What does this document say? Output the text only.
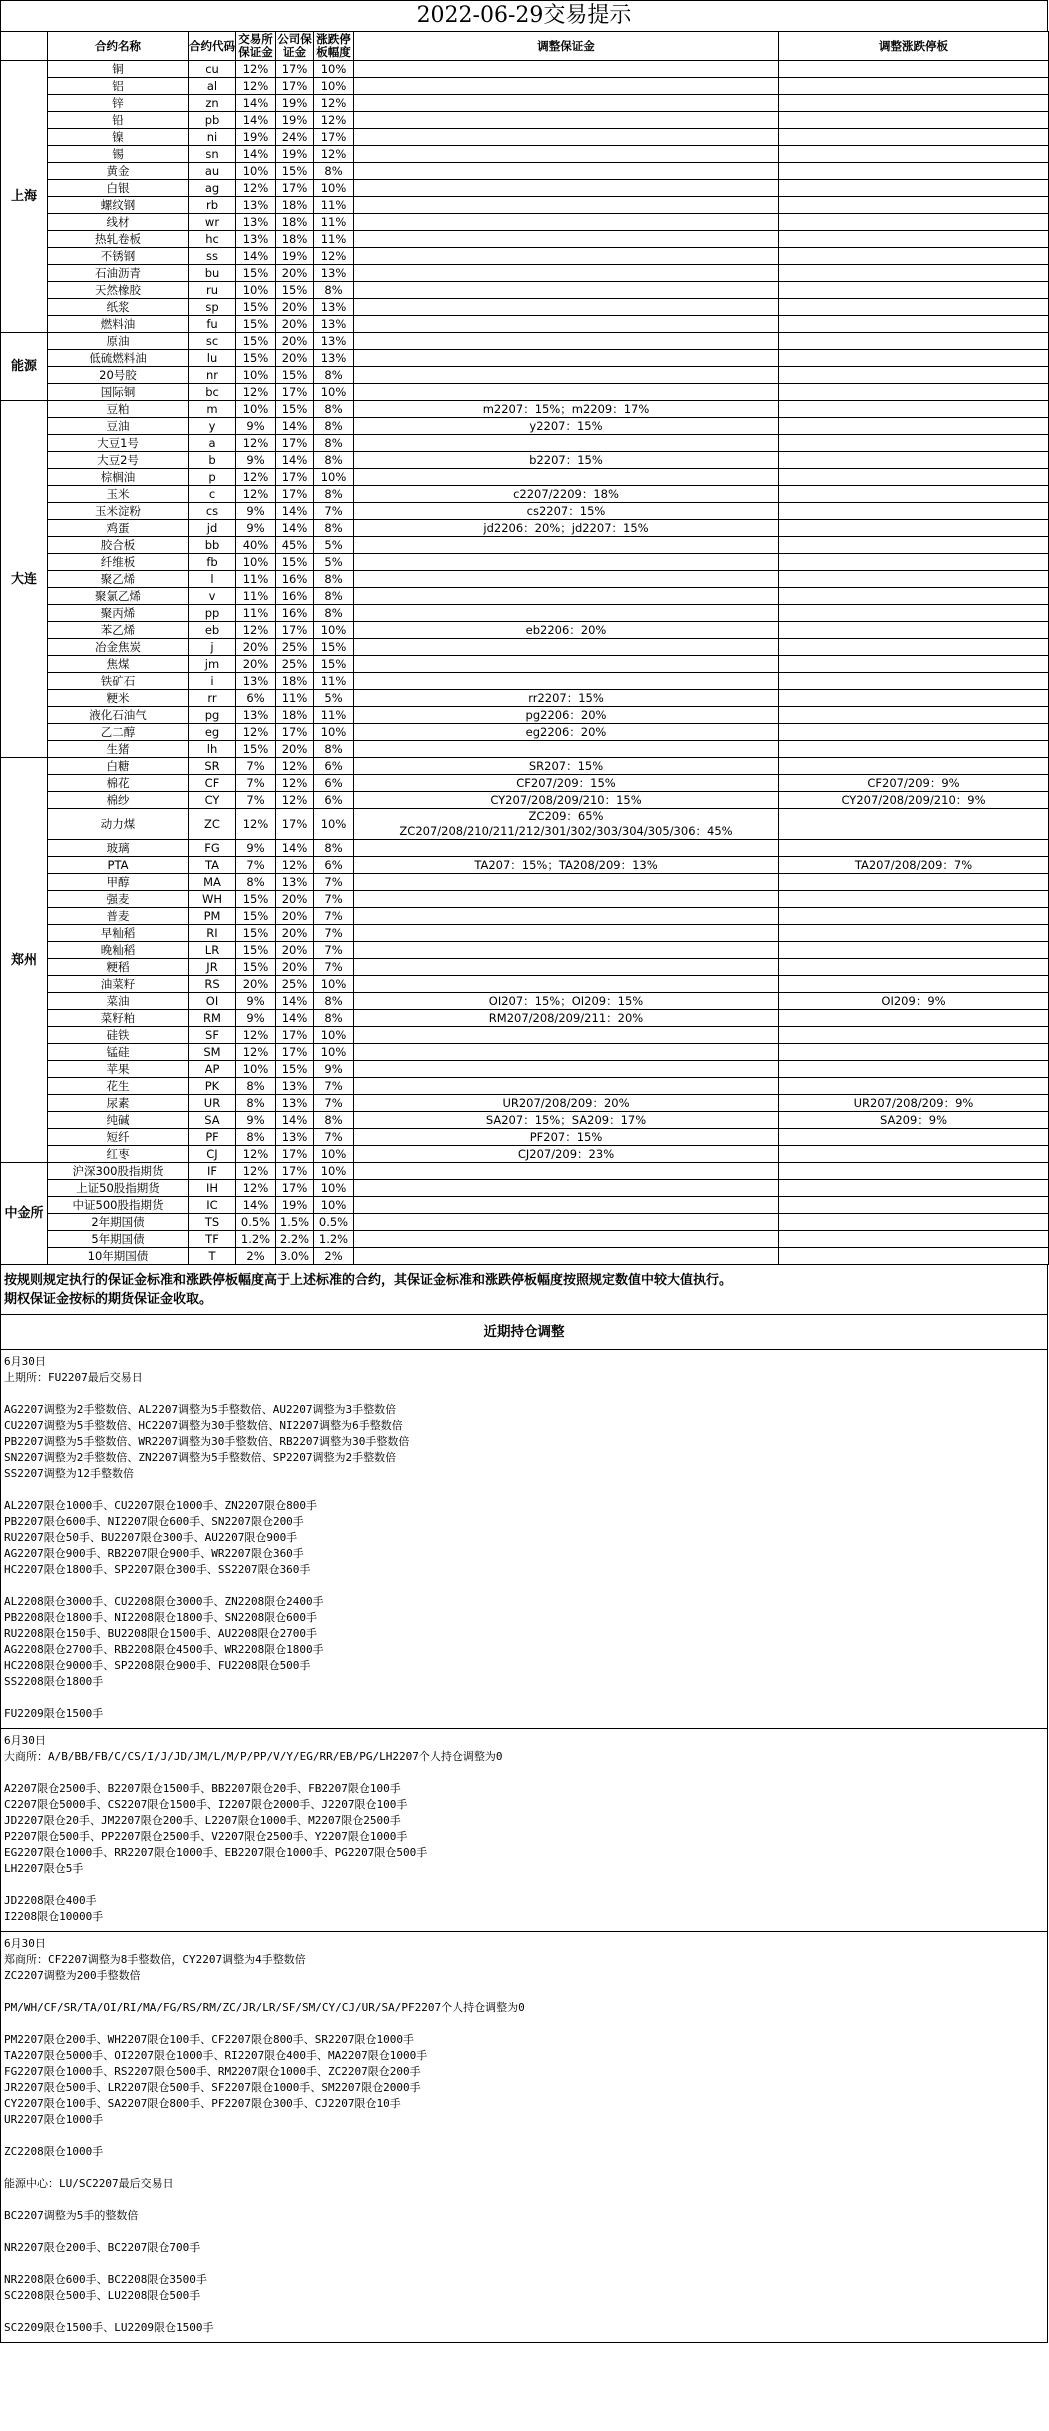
2022-06-29交易提示
	合约名称	合约代码	交易所保证金	公司保证金	涨跌停板幅度	调整保证金	调整涨跌停板
上海	铜	cu	12%	17%	10%		
	铝	al	12%	17%	10%		
	锌	zn	14%	19%	12%		
	铅	pb	14%	19%	12%		
	镍	ni	19%	24%	17%		
	锡	sn	14%	19%	12%		
	黄金	au	10%	15%	8%		
	白银	ag	12%	17%	10%		
	螺纹钢	rb	13%	18%	11%		
	线材	wr	13%	18%	11%		
	热轧卷板	hc	13%	18%	11%		
	不锈钢	ss	14%	19%	12%		
	石油沥青	bu	15%	20%	13%		
	天然橡胶	ru	10%	15%	8%		
	纸浆	sp	15%	20%	13%		
	燃料油	fu	15%	20%	13%		
能源	原油	sc	15%	20%	13%		
	低硫燃料油	lu	15%	20%	13%		
	20号胶	nr	10%	15%	8%		
	国际铜	bc	12%	17%	10%		
大连	豆粕	m	10%	15%	8%	m2207：15%；m2209：17%	
	豆油	y	9%	14%	8%	y2207：15%	
	大豆1号	a	12%	17%	8%		
	大豆2号	b	9%	14%	8%	b2207：15%	
	棕榈油	p	12%	17%	10%		
	玉米	c	12%	17%	8%	c2207/2209：18%	
	玉米淀粉	cs	9%	14%	7%	cs2207：15%	
	鸡蛋	jd	9%	14%	8%	jd2206：20%；jd2207：15%	
	胶合板	bb	40%	45%	5%		
	纤维板	fb	10%	15%	5%		
	聚乙烯	l	11%	16%	8%		
	聚氯乙烯	v	11%	16%	8%		
	聚丙烯	pp	11%	16%	8%		
	苯乙烯	eb	12%	17%	10%	eb2206：20%	
	冶金焦炭	j	20%	25%	15%		
	焦煤	jm	20%	25%	15%		
	铁矿石	i	13%	18%	11%		
	粳米	rr	6%	11%	5%	rr2207：15%	
	液化石油气	pg	13%	18%	11%	pg2206：20%	
	乙二醇	eg	12%	17%	10%	eg2206：20%	
	生猪	lh	15%	20%	8%		
郑州	白糖	SR	7%	12%	6%	SR207：15%	
	棉花	CF	7%	12%	6%	CF207/209：15%	CF207/209：9%
	棉纱	CY	7%	12%	6%	CY207/208/209/210：15%	CY207/208/209/210：9%
	动力煤	ZC	12%	17%	10%	ZC209：65%
ZC207/208/210/211/212/301/302/303/304/305/306：45%	
	玻璃	FG	9%	14%	8%		
	PTA	TA	7%	12%	6%	TA207：15%；TA208/209：13%	TA207/208/209：7%
	甲醇	MA	8%	13%	7%		
	强麦	WH	15%	20%	7%		
	普麦	PM	15%	20%	7%		
	早籼稻	RI	15%	20%	7%		
	晚籼稻	LR	15%	20%	7%		
	粳稻	JR	15%	20%	7%		
	油菜籽	RS	20%	25%	10%		
	菜油	OI	9%	14%	8%	OI207：15%；OI209：15%	OI209：9%
	菜籽粕	RM	9%	14%	8%	RM207/208/209/211：20%	
	硅铁	SF	12%	17%	10%		
	锰硅	SM	12%	17%	10%		
	苹果	AP	10%	15%	9%		
	花生	PK	8%	13%	7%		
	尿素	UR	8%	13%	7%	UR207/208/209：20%	UR207/208/209：9%
	纯碱	SA	9%	14%	8%	SA207：15%；SA209：17%	SA209：9%
	短纤	PF	8%	13%	7%	PF207：15%	
	红枣	CJ	12%	17%	10%	CJ207/209：23%	
中金所	沪深300股指期货	IF	12%	17%	10%		
	上证50股指期货	IH	12%	17%	10%		
	中证500股指期货	IC	14%	19%	10%		
	2年期国债	TS	0.5%	1.5%	0.5%		
	5年期国债	TF	1.2%	2.2%	1.2%		
	10年期国债	T	2%	3.0%	2%		
按规则规定执行的保证金标准和涨跌停板幅度高于上述标准的合约，其保证金标准和涨跌停板幅度按照规定数值中较大值执行。
期权保证金按标的期货保证金收取。
近期持仓调整
6月30日
上期所：FU2207最后交易日
AG2207调整为2手整数倍、AL2207调整为5手整数倍、AU2207调整为3手整数倍
CU2207调整为5手整数倍、HC2207调整为30手整数倍、NI2207调整为6手整数倍
PB2207调整为5手整数倍、WR2207调整为30手整数倍、RB2207调整为30手整数倍
SN2207调整为2手整数倍、ZN2207调整为5手整数倍、SP2207调整为2手整数倍
SS2207调整为12手整数倍
AL2207限仓1000手、CU2207限仓1000手、ZN2207限仓800手
PB2207限仓600手、NI2207限仓600手、SN2207限仓200手
RU2207限仓50手、BU2207限仓300手、AU2207限仓900手
AG2207限仓900手、RB2207限仓900手、WR2207限仓360手
HC2207限仓1800手、SP2207限仓300手、SS2207限仓360手
AL2208限仓3000手、CU2208限仓3000手、ZN2208限仓2400手
PB2208限仓1800手、NI2208限仓1800手、SN2208限仓600手
RU2208限仓150手、BU2208限仓1500手、AU2208限仓2700手
AG2208限仓2700手、RB2208限仓4500手、WR2208限仓1800手
HC2208限仓9000手、SP2208限仓900手、FU2208限仓500手
SS2208限仓1800手
FU2209限仓1500手
6月30日
大商所：A/B/BB/FB/C/CS/I/J/JD/JM/L/M/P/PP/V/Y/EG/RR/EB/PG/LH2207个人持仓调整为0
A2207限仓2500手、B2207限仓1500手、BB2207限仓20手、FB2207限仓100手
C2207限仓5000手、CS2207限仓1500手、I2207限仓2000手、J2207限仓100手
JD2207限仓20手、JM2207限仓200手、L2207限仓1000手、M2207限仓2500手
P2207限仓500手、PP2207限仓2500手、V2207限仓2500手、Y2207限仓1000手
EG2207限仓1000手、RR2207限仓1000手、EB2207限仓1000手、PG2207限仓500手
LH2207限仓5手
JD2208限仓400手
I2208限仓10000手
6月30日
郑商所：CF2207调整为8手整数倍，CY2207调整为4手整数倍
ZC2207调整为200手整数倍
PM/WH/CF/SR/TA/OI/RI/MA/FG/RS/RM/ZC/JR/LR/SF/SM/CY/CJ/UR/SA/PF2207个人持仓调整为0
PM2207限仓200手、WH2207限仓100手、CF2207限仓800手、SR2207限仓1000手
TA2207限仓5000手、OI2207限仓1000手、RI2207限仓400手、MA2207限仓1000手
FG2207限仓1000手、RS2207限仓500手、RM2207限仓1000手、ZC2207限仓200手
JR2207限仓500手、LR2207限仓500手、SF2207限仓1000手、SM2207限仓2000手
CY2207限仓100手、SA2207限仓800手、PF2207限仓300手、CJ2207限仓10手
UR2207限仓1000手
ZC2208限仓1000手
能源中心：LU/SC2207最后交易日
BC2207调整为5手的整数倍
NR2207限仓200手、BC2207限仓700手
NR2208限仓600手、BC2208限仓3500手
SC2208限仓500手、LU2208限仓500手
SC2209限仓1500手、LU2209限仓1500手
